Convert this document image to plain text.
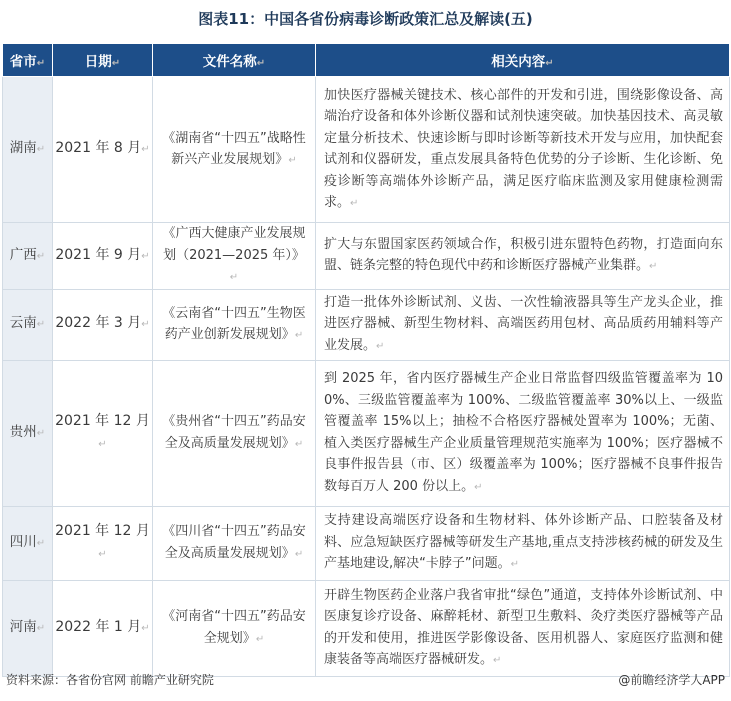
图表11：中国各省份病毒诊断政策汇总及解读(五)
省市↵	日期↵	文件名称↵	相关内容↵
湖南↵	2021 年 8 月↵	《湖南省“十四五”战略性新兴产业发展规划》↵	加快医疗器械关键技术、核心部件的开发和引进，围绕影像设备、高端治疗设备和体外诊断仪器和试剂快速突破。加快基因技术、高灵敏定量分析技术、快速诊断与即时诊断等新技术开发与应用，加快配套试剂和仪器研发，重点发展具备特色优势的分子诊断、生化诊断、免疫诊断等高端体外诊断产品，满足医疗临床监测及家用健康检测需求。↵
广西↵	2021 年 9 月↵	《广西大健康产业发展规划（2021—2025 年）》↵	扩大与东盟国家医药领域合作，积极引进东盟特色药物，打造面向东盟、链条完整的特色现代中药和诊断医疗器械产业集群。↵
云南↵	2022 年 3 月↵	《云南省“十四五”生物医药产业创新发展规划》↵	打造一批体外诊断试剂、义齿、一次性输液器具等生产龙头企业，推进医疗器械、新型生物材料、高端医药用包材、高品质药用辅料等产业发展。↵
贵州↵	2021 年 12 月↵	《贵州省“十四五”药品安全及高质量发展规划》↵	到 2025 年，省内医疗器械生产企业日常监督四级监管覆盖率为 100%、三级监管覆盖率为 100%、二级监管覆盖率 30%以上、一级监管覆盖率 15%以上；抽检不合格医疗器械处置率为 100%；无菌、植入类医疗器械生产企业质量管理规范实施率为 100%；医疗器械不良事件报告县（市、区）级覆盖率为 100%；医疗器械不良事件报告数每百万人 200 份以上。↵
四川↵	2021 年 12 月↵	《四川省“十四五”药品安全及高质量发展规划》↵	支持建设高端医疗设备和生物材料、体外诊断产品、口腔装备及材料、应急短缺医疗器械等研发生产基地,重点支持涉核药械的研发及生产基地建设,解决“卡脖子”问题。↵
河南↵	2022 年 1 月↵	《河南省“十四五”药品安全规划》↵	开辟生物医药企业落户我省审批“绿色”通道，支持体外诊断试剂、中医康复诊疗设备、麻醉耗材、新型卫生敷料、灸疗类医疗器械等产品的开发和使用，推进医学影像设备、医用机器人、家庭医疗监测和健康装备等高端医疗器械研发。↵
资料来源：各省份官网 前瞻产业研究院	@前瞻经济学人APP
